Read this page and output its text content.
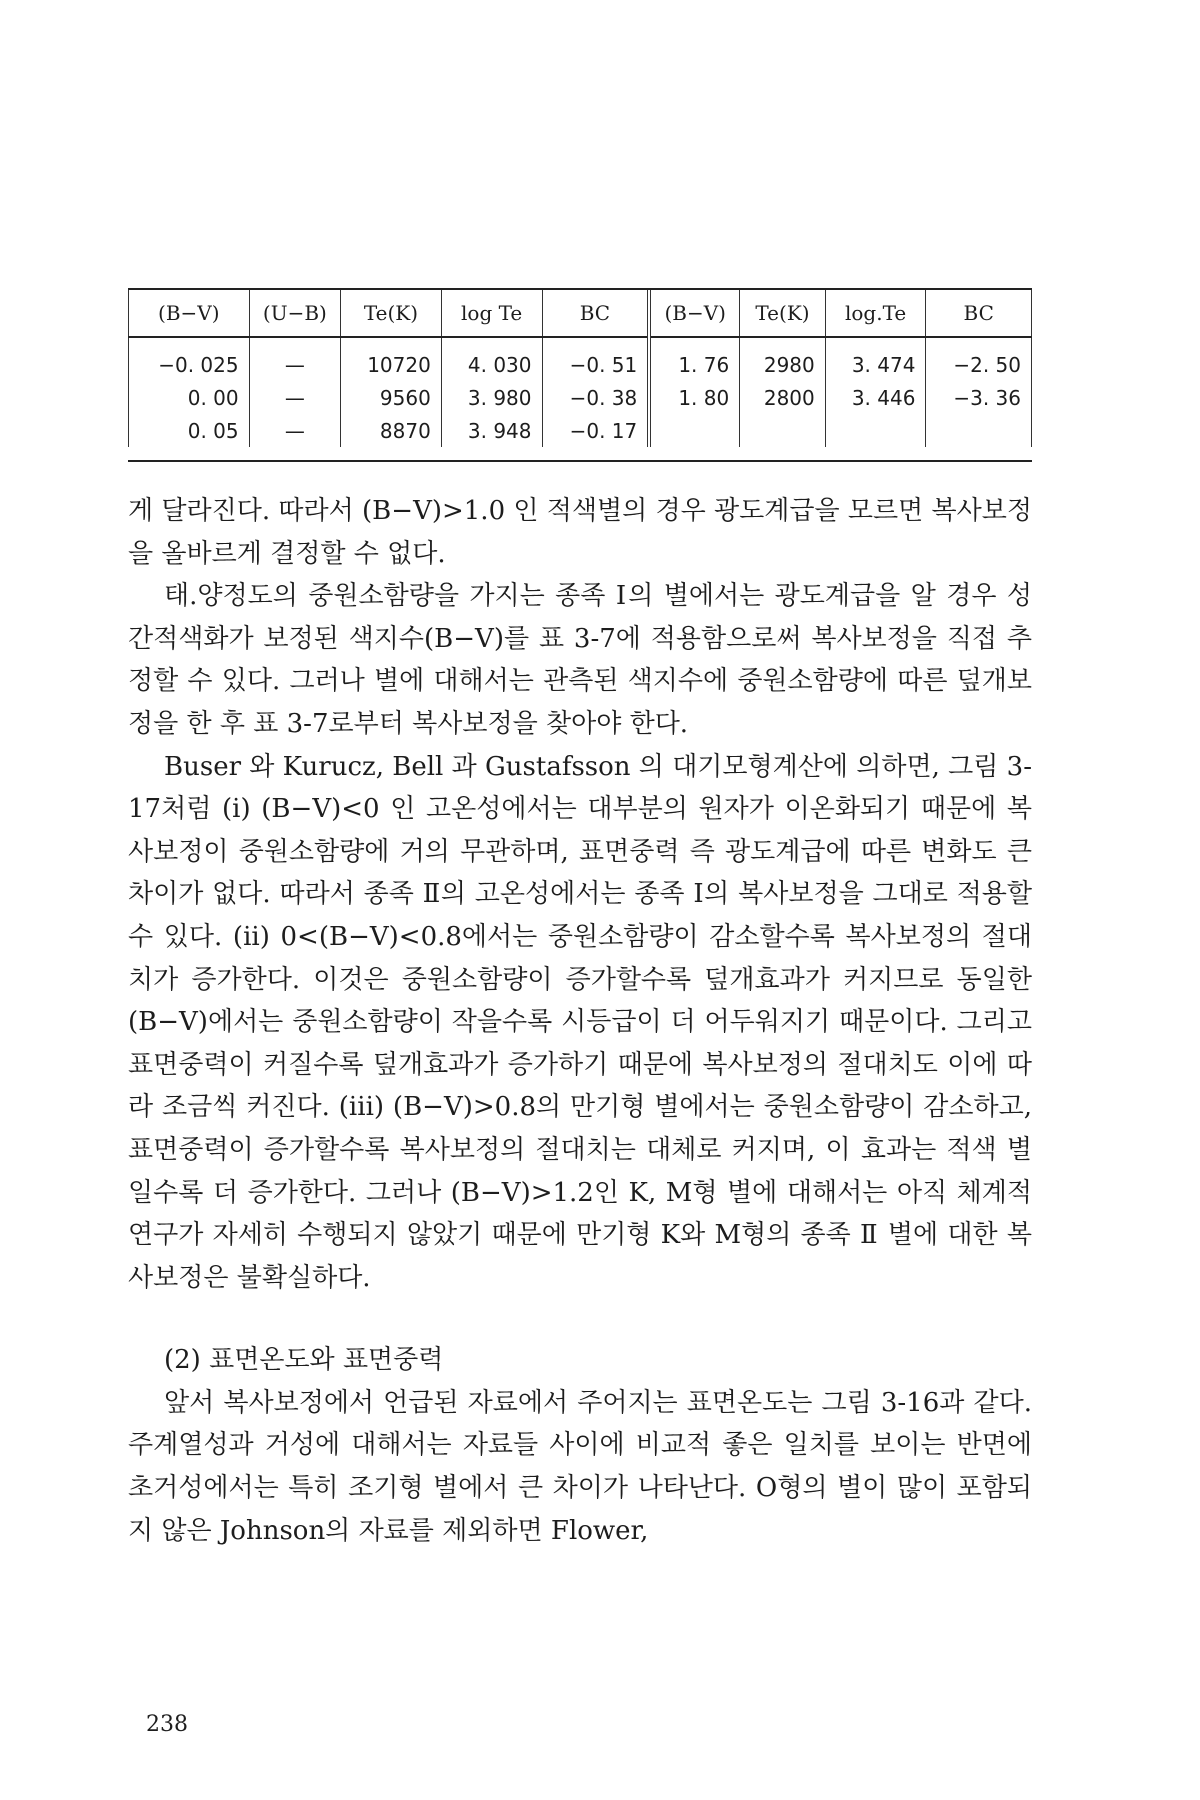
(B−V)	(U−B)	Te(K)	log Te	BC	(B−V)	Te(K)	log.Te	BC
−0. 025	—	10720	4. 030	−0. 51	1. 76	2980	3. 474	−2. 50
0. 00	—	9560	3. 980	−0. 38	1. 80	2800	3. 446	−3. 36
0. 05	—	8870	3. 948	−0. 17				

게 달라진다. 따라서 (B−V)>1.0 인 적색별의 경우 광도계급을 모르면 복사보정을 올바르게 결정할 수 없다.

태.양정도의 중원소함량을 가지는 종족 Ⅰ의 별에서는 광도계급을 알 경우 성간적색화가 보정된 색지수(B−V)를 표 3-7에 적용함으로써 복사보정을 직접 추정할 수 있다. 그러나 별에 대해서는 관측된 색지수에 중원소함량에 따른 덮개보정을 한 후 표 3-7로부터 복사보정을 찾아야 한다.

Buser 와 Kurucz, Bell 과 Gustafsson 의 대기모형계산에 의하면, 그림 3-17처럼 (i) (B−V)<0 인 고온성에서는 대부분의 원자가 이온화되기 때문에 복사보정이 중원소함량에 거의 무관하며, 표면중력 즉 광도계급에 따른 변화도 큰 차이가 없다. 따라서 종족 Ⅱ의 고온성에서는 종족 Ⅰ의 복사보정을 그대로 적용할 수 있다. (ii) 0<(B−V)<0.8에서는 중원소함량이 감소할수록 복사보정의 절대치가 증가한다. 이것은 중원소함량이 증가할수록 덮개효과가 커지므로 동일한 (B−V)에서는 중원소함량이 작을수록 시등급이 더 어두워지기 때문이다. 그리고 표면중력이 커질수록 덮개효과가 증가하기 때문에 복사보정의 절대치도 이에 따라 조금씩 커진다. (iii) (B−V)>0.8의 만기형 별에서는 중원소함량이 감소하고, 표면중력이 증가할수록 복사보정의 절대치는 대체로 커지며, 이 효과는 적색 별일수록 더 증가한다. 그러나 (B−V)>1.2인 K, M형 별에 대해서는 아직 체계적 연구가 자세히 수행되지 않았기 때문에 만기형 K와 M형의 종족 Ⅱ 별에 대한 복사보정은 불확실하다.

(2) 표면온도와 표면중력

앞서 복사보정에서 언급된 자료에서 주어지는 표면온도는 그림 3-16과 같다. 주계열성과 거성에 대해서는 자료들 사이에 비교적 좋은 일치를 보이는 반면에 초거성에서는 특히 조기형 별에서 큰 차이가 나타난다. O형의 별이 많이 포함되지 않은 Johnson의 자료를 제외하면 Flower,

238
